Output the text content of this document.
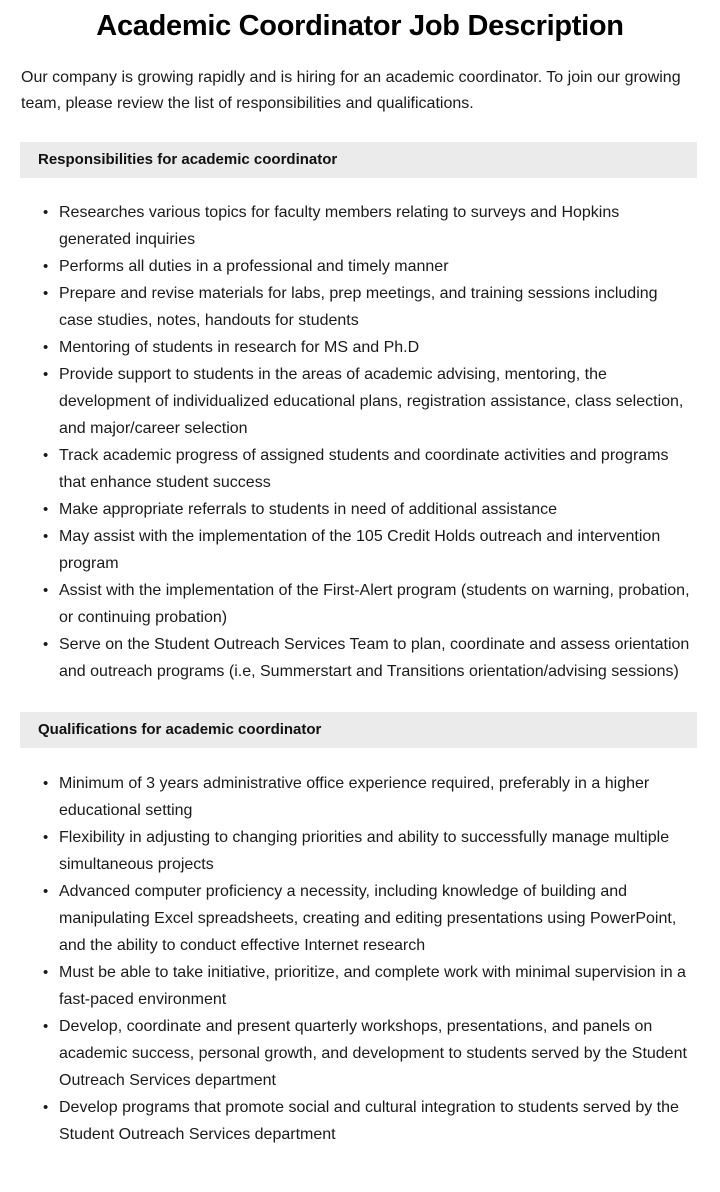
Academic Coordinator Job Description

Our company is growing rapidly and is hiring for an academic coordinator. To join our growing team, please review the list of responsibilities and qualifications.

Responsibilities for academic coordinator
• Researches various topics for faculty members relating to surveys and Hopkins generated inquiries
• Performs all duties in a professional and timely manner
• Prepare and revise materials for labs, prep meetings, and training sessions including case studies, notes, handouts for students
• Mentoring of students in research for MS and Ph.D
• Provide support to students in the areas of academic advising, mentoring, the development of individualized educational plans, registration assistance, class selection, and major/career selection
• Track academic progress of assigned students and coordinate activities and programs that enhance student success
• Make appropriate referrals to students in need of additional assistance
• May assist with the implementation of the 105 Credit Holds outreach and intervention program
• Assist with the implementation of the First-Alert program (students on warning, probation, or continuing probation)
• Serve on the Student Outreach Services Team to plan, coordinate and assess orientation and outreach programs (i.e, Summerstart and Transitions orientation/advising sessions)
Qualifications for academic coordinator
• Minimum of 3 years administrative office experience required, preferably in a higher educational setting
• Flexibility in adjusting to changing priorities and ability to successfully manage multiple simultaneous projects
• Advanced computer proficiency a necessity, including knowledge of building and manipulating Excel spreadsheets, creating and editing presentations using PowerPoint, and the ability to conduct effective Internet research
• Must be able to take initiative, prioritize, and complete work with minimal supervision in a fast-paced environment
• Develop, coordinate and present quarterly workshops, presentations, and panels on academic success, personal growth, and development to students served by the Student Outreach Services department
• Develop programs that promote social and cultural integration to students served by the Student Outreach Services department
